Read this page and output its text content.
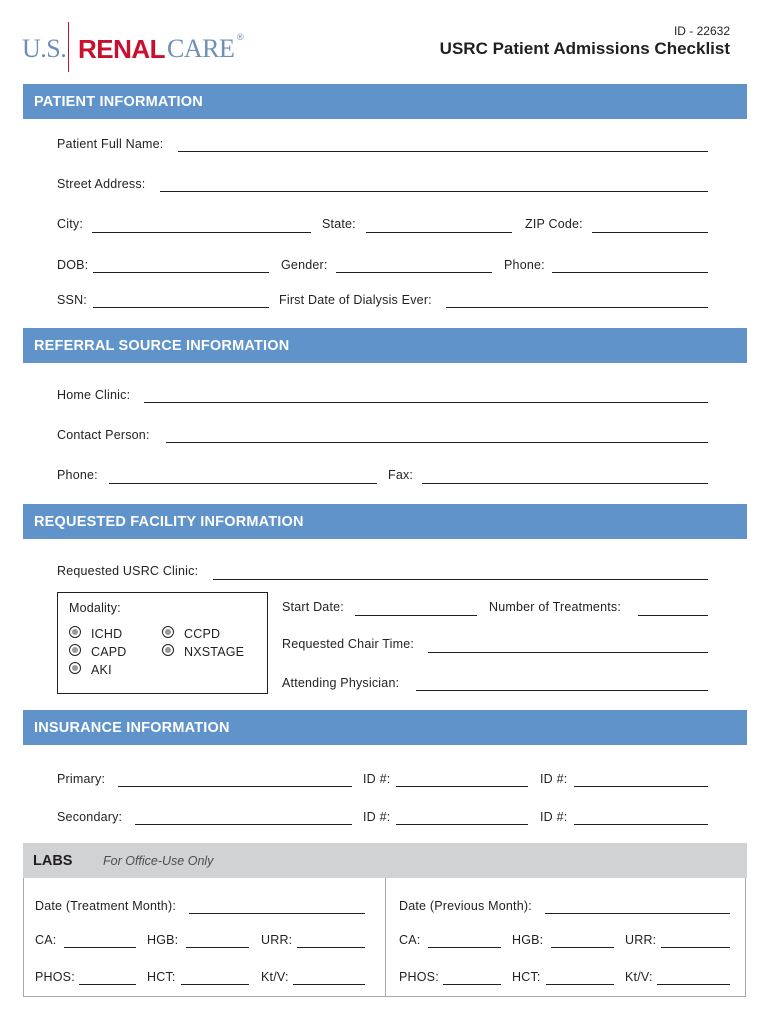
U.S. RENAL CARE ®	ID - 22632
USRC Patient Admissions Checklist
PATIENT INFORMATION
Patient Full Name:
Street Address:
City:	State:	ZIP Code:
DOB:	Gender:	Phone:
SSN:	First Date of Dialysis Ever:
REFERRAL SOURCE INFORMATION
Home Clinic:
Contact Person:
Phone:	Fax:
REQUESTED FACILITY INFORMATION
Requested USRC Clinic:
Modality:
ICHD
CAPD
AKI
CCPD
NXSTAGE
Start Date:	Number of Treatments:
Requested Chair Time:
Attending Physician:
INSURANCE INFORMATION
Primary:	ID #:	ID #:
Secondary:	ID #:	ID #:
LABS For Office-Use Only
Date (Treatment Month):
CA:	HGB:	URR:
PHOS:	HCT:	Kt/V:
Date (Previous Month):
CA:	HGB:	URR:
PHOS:	HCT:	Kt/V:
